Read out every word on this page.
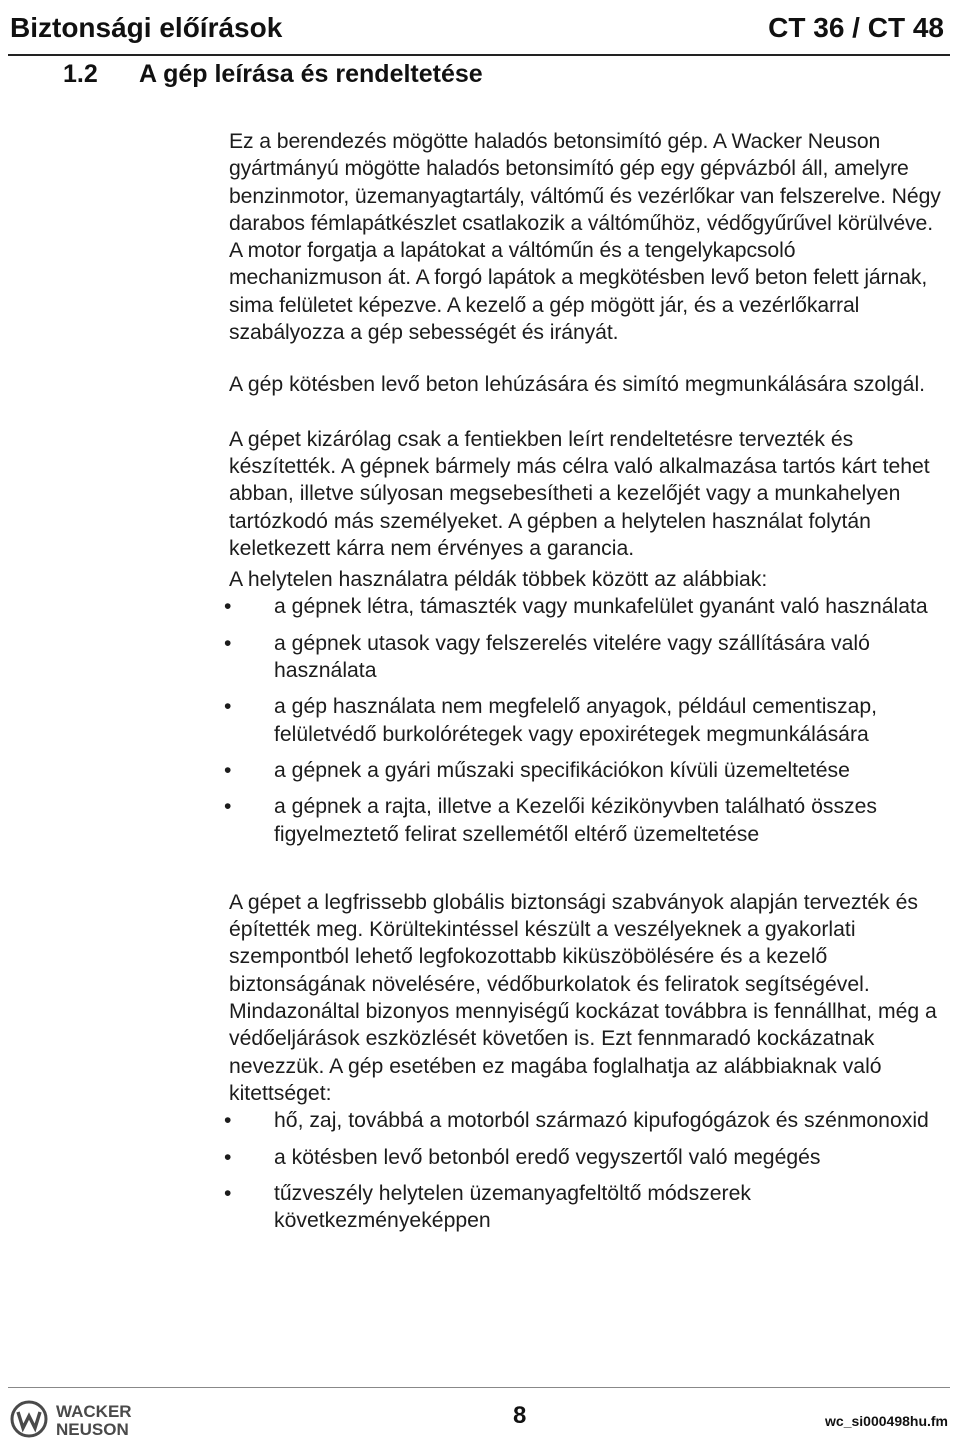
Biztonsági előírások	CT 36 / CT 48
1.2 A gép leírása és rendeltetése

Ez a berendezés mögötte haladós betonsimító gép. A Wacker Neuson gyártmányú mögötte haladós betonsimító gép egy gépvázból áll, amelyre benzinmotor, üzemanyagtartály, váltómű és vezérlőkar van felszerelve. Négy darabos fémlapátkészlet csatlakozik a váltóműhöz, védőgyűrűvel körülvéve. A motor forgatja a lapátokat a váltóműn és a tengelykapcsoló mechanizmuson át. A forgó lapátok a megkötésben levő beton felett járnak, sima felületet képezve. A kezelő a gép mögött jár, és a vezérlőkarral szabályozza a gép sebességét és irányát.

A gép kötésben levő beton lehúzására és simító megmunkálására szolgál.

A gépet kizárólag csak a fentiekben leírt rendeltetésre tervezték és készítették. A gépnek bármely más célra való alkalmazása tartós kárt tehet abban, illetve súlyosan megsebesítheti a kezelőjét vagy a munkahelyen tartózkodó más személyeket. A gépben a helytelen használat folytán keletkezett kárra nem érvényes a garancia.

A helytelen használatra példák többek között az alábbiak:

• a gépnek létra, támaszték vagy munkafelület gyanánt való használata
• a gépnek utasok vagy felszerelés vitelére vagy szállítására való használata
• a gép használata nem megfelelő anyagok, például cementiszap, felületvédő burkolórétegek vagy epoxirétegek megmunkálására
• a gépnek a gyári műszaki specifikációkon kívüli üzemeltetése
• a gépnek a rajta, illetve a Kezelői kézikönyvben található összes figyelmeztető felirat szellemétől eltérő üzemeltetése

A gépet a legfrissebb globális biztonsági szabványok alapján tervezték és építették meg. Körültekintéssel készült a veszélyeknek a gyakorlati szempontból lehető legfokozottabb kiküszöbölésére és a kezelő biztonságának növelésére, védőburkolatok és feliratok segítségével. Mindazonáltal bizonyos mennyiségű kockázat továbbra is fennállhat, még a védőeljárások eszközlését követően is. Ezt fennmaradó kockázatnak nevezzük. A gép esetében ez magába foglalhatja az alábbiaknak való kitettséget:

• hő, zaj, továbbá a motorból származó kipufogógázok és szénmonoxid
• a kötésben levő betonból eredő vegyszertől való megégés
• tűzveszély helytelen üzemanyagfeltöltő módszerek következményeképpen
WACKER
NEUSON
8	wc_si000498hu.fm
